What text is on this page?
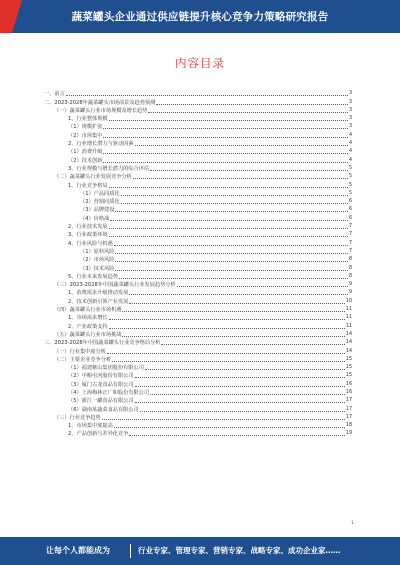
蔬菜罐头企业通过供应链提升核心竞争力策略研究报告
内容目录
一、前言	3
二、2023-2028年蔬菜罐头市场前景及趋势预测	3
（一）蔬菜罐头行业市场规模及增长趋势	3
1、行业整体规模	3
（1）规模扩张	3
（2）市场集中	4
2、行业增长潜力与驱动因素	4
（1）消费升级	4
（2）技术创新	4
3、行业规模与增长潜力的综合评估	5
（二）蔬菜罐头行业发展竞争分析	5
1、行业竞争格局	5
（1）产品同质化	5
（2）营销同质化	6
（3）品牌建设	6
（4）价格战	6
2、行业技术发展	7
3、行业政策环境	7
4、行业风险与机遇	7
（1）原料风险	7
（2）市场风险	8
（3）技术风险	8
5、行业未来发展趋势	8
（三）2023-2028年中国蔬菜罐头行业发展趋势分析	9
1、消费需求升级推动发展	9
2、技术创新引领产业发展	10
（四）蔬菜罐头行业市场机遇	11
1、市场需求增长	11
2、产业政策支持	11
（五）蔬菜罐头行业市场挑战	14
三、2023-2028年中国蔬菜罐头行业竞争格局分析	14
（一）行业集中度分析	14
（二）主要企业竞争分析	15
（1）福建紫山集团股份有限公司	15
（2）中粮屯河股份有限公司	15
（3）厦门古龙食品有限公司	16
（4）上海梅林正广和股份有限公司	16
（5）浙江一罐食品有限公司	17
（6）湖南某蔬菜食品有限公司	17
（三）行业竞争趋势	17
1、市场集中度提高	18
2、产品创新与差异化竞争	19
1
让每个人都能成为	行业专家、管理专家、营销专家、战略专家、成功企业家……
